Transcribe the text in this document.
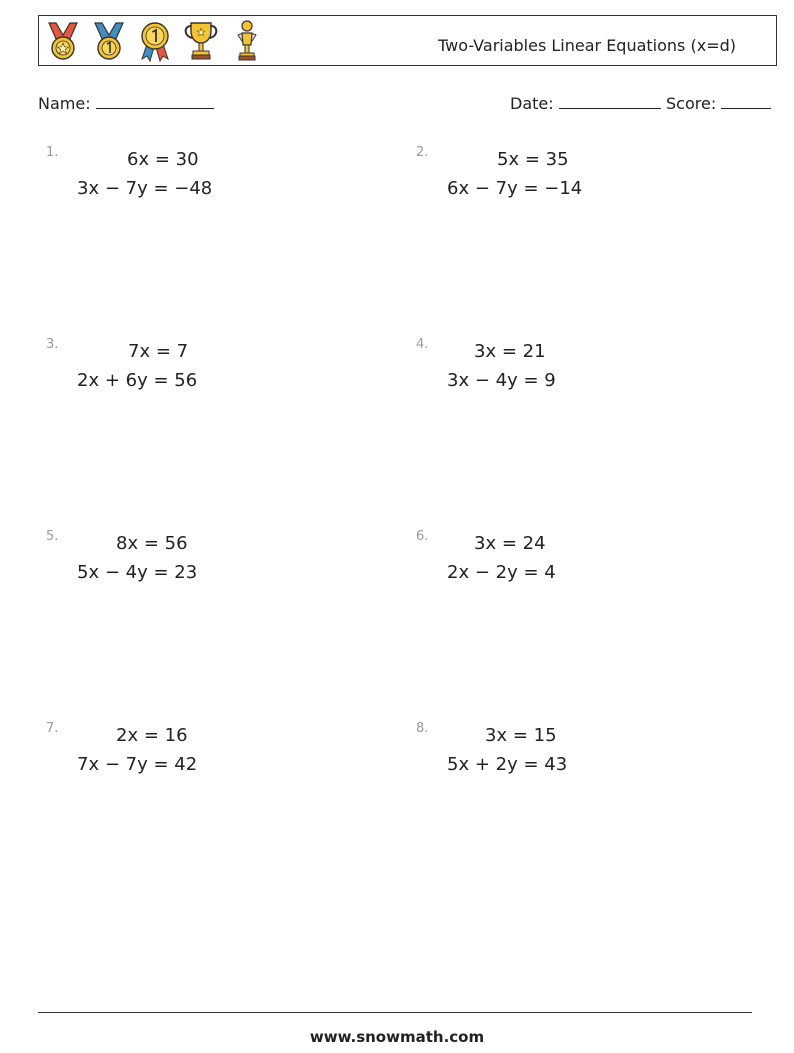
Two-Variables Linear Equations (x=d)
Name:	Date:	Score:
1.	6x = 30
3x − 7y = −48
2.	5x = 35
6x − 7y = −14
3.	7x = 7
2x + 6y = 56
4.	3x = 21
3x − 4y = 9
5.	8x = 56
5x − 4y = 23
6.	3x = 24
2x − 2y = 4
7.	2x = 16
7x − 7y = 42
8.	3x = 15
5x + 2y = 43
www.snowmath.com
